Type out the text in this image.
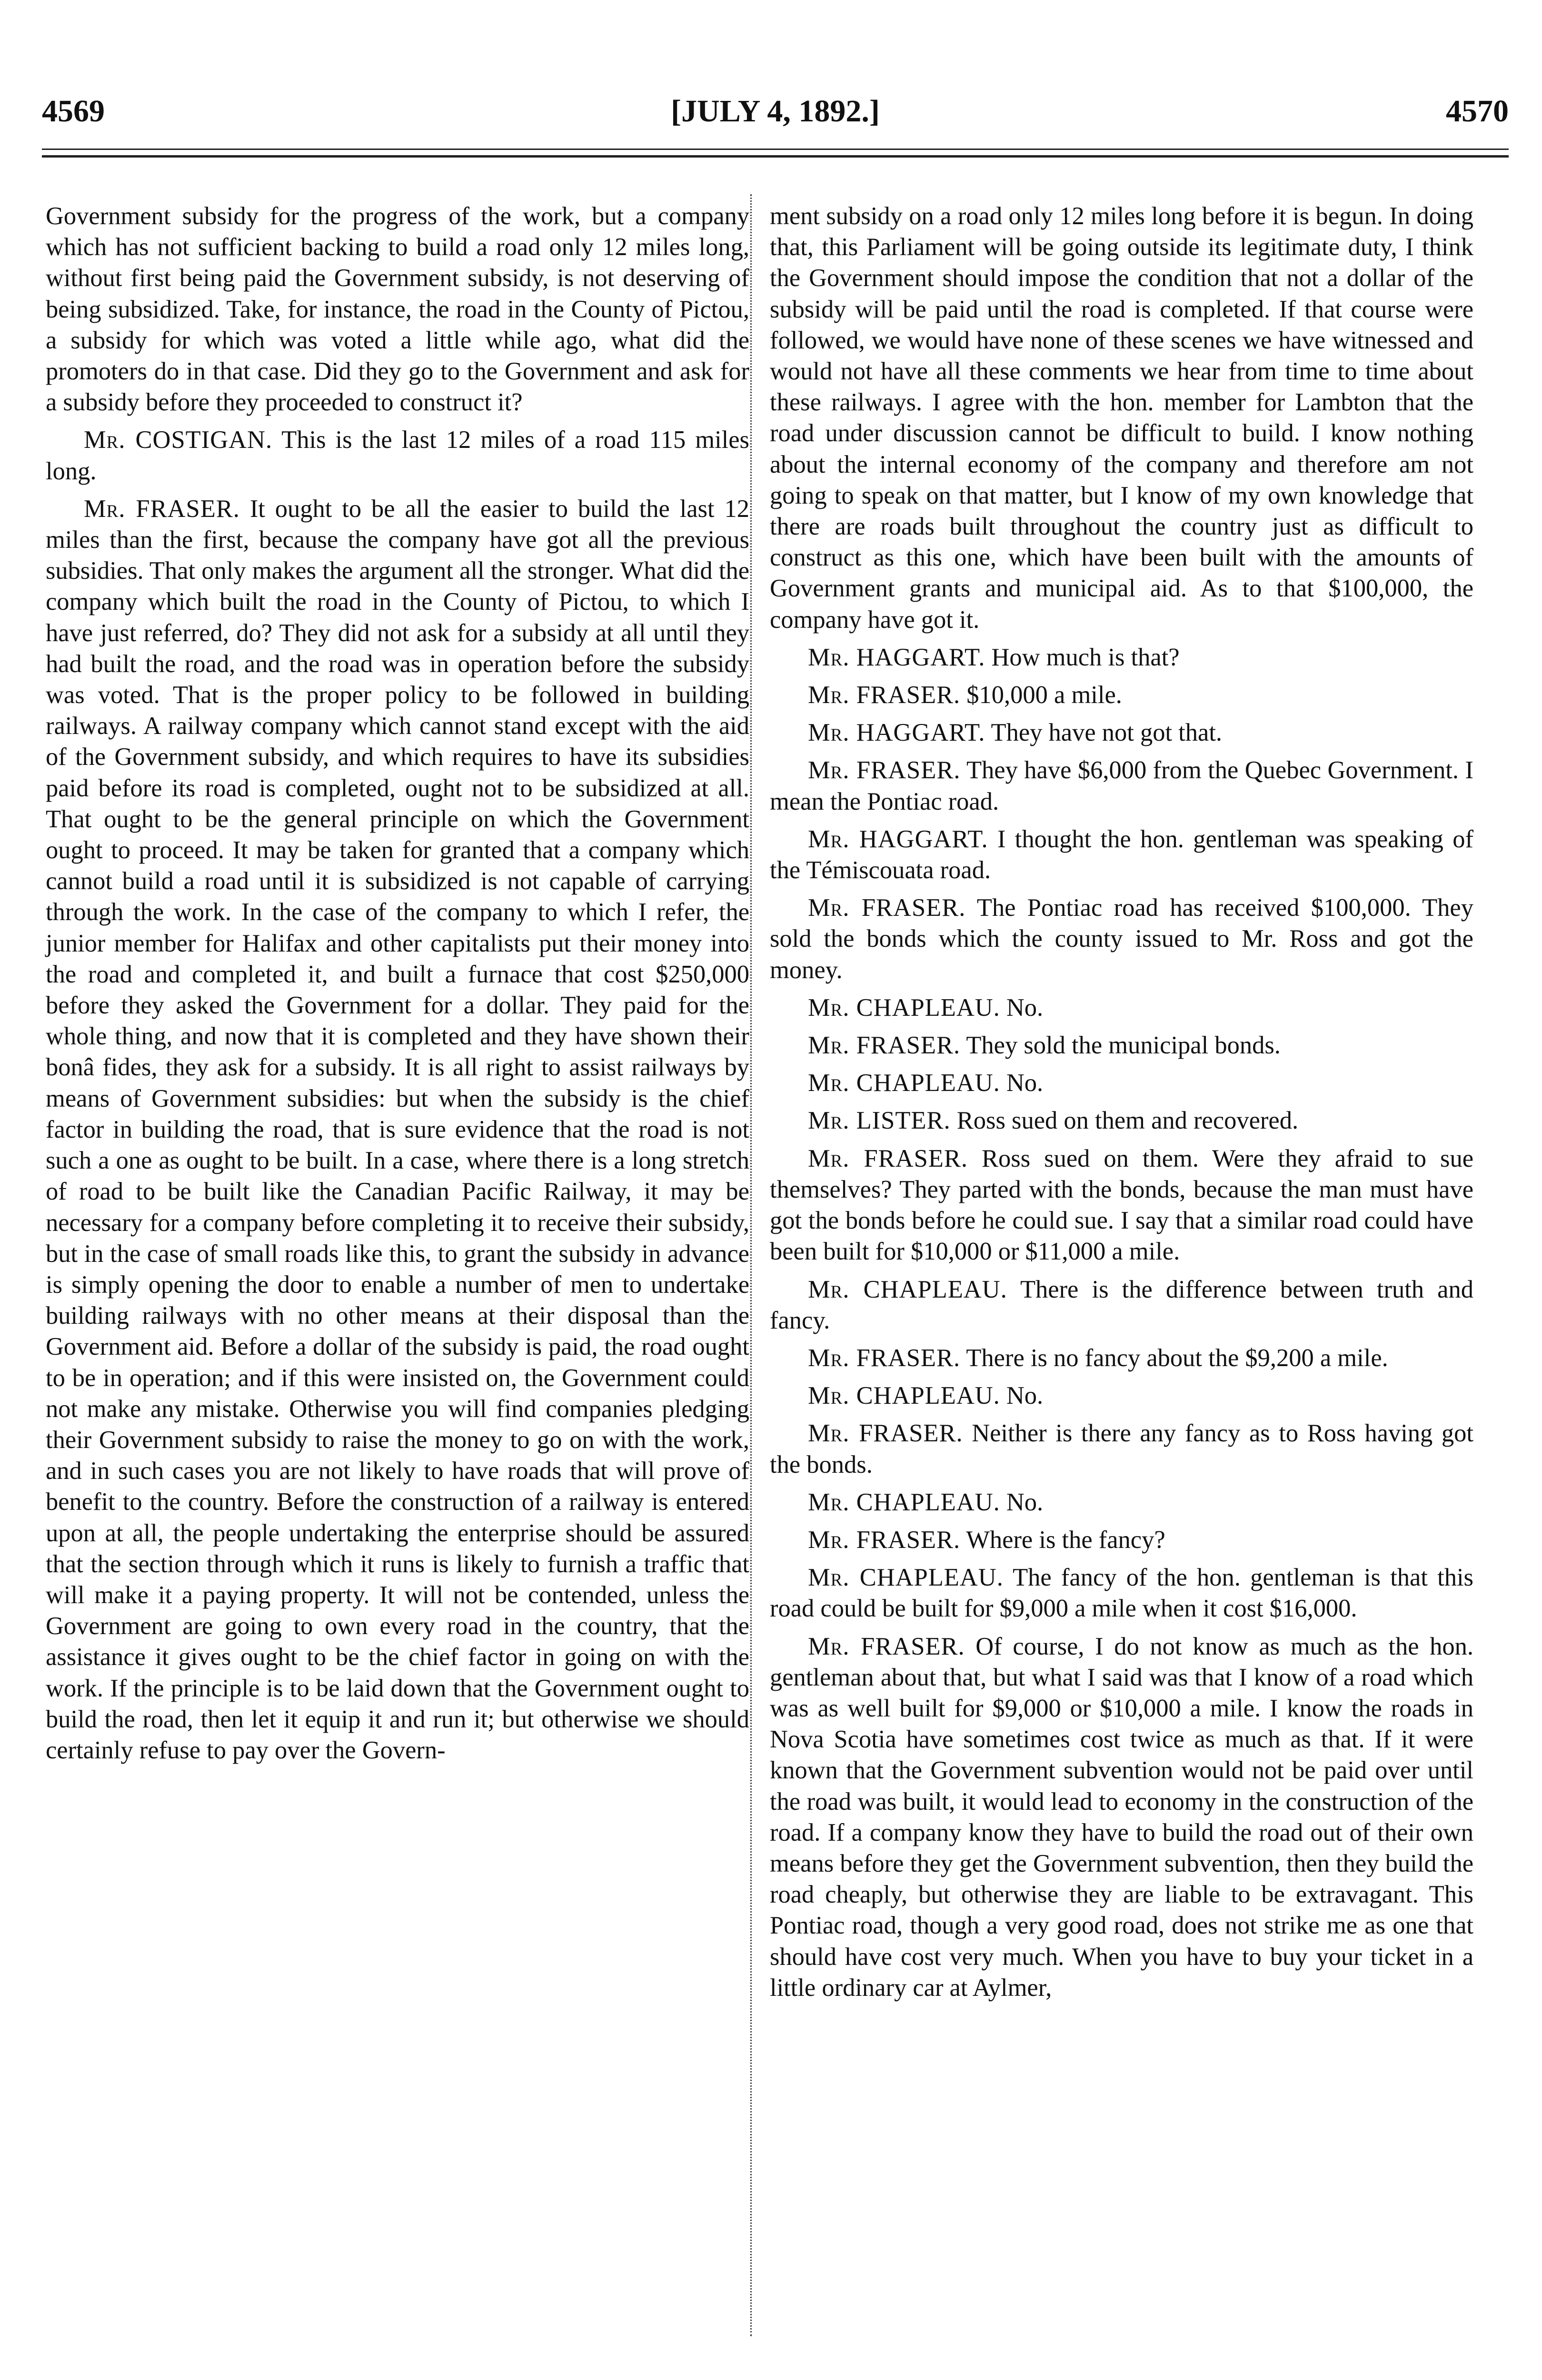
4569	[JULY 4, 1892.]	4570

Government subsidy for the progress of the work, but a company which has not sufficient backing to build a road only 12 miles long, without first being paid the Government subsidy, is not deserving of being subsidized. Take, for instance, the road in the County of Pictou, a subsidy for which was voted a little while ago, what did the promoters do in that case. Did they go to the Government and ask for a subsidy before they proceeded to construct it?

Mr. COSTIGAN. This is the last 12 miles of a road 115 miles long.

Mr. FRASER. It ought to be all the easier to build the last 12 miles than the first, because the company have got all the previous subsidies. That only makes the argument all the stronger. What did the company which built the road in the County of Pictou, to which I have just referred, do? They did not ask for a subsidy at all until they had built the road, and the road was in operation before the subsidy was voted. That is the proper policy to be followed in building railways. A railway company which cannot stand except with the aid of the Government subsidy, and which requires to have its subsidies paid before its road is completed, ought not to be subsidized at all. That ought to be the general principle on which the Government ought to proceed. It may be taken for granted that a company which cannot build a road until it is subsidized is not capable of carrying through the work. In the case of the company to which I refer, the junior member for Halifax and other capitalists put their money into the road and completed it, and built a furnace that cost $250,000 before they asked the Government for a dollar. They paid for the whole thing, and now that it is completed and they have shown their bonâ fides, they ask for a subsidy. It is all right to assist railways by means of Government subsidies: but when the subsidy is the chief factor in building the road, that is sure evidence that the road is not such a one as ought to be built. In a case, where there is a long stretch of road to be built like the Canadian Pacific Railway, it may be necessary for a company before completing it to receive their subsidy, but in the case of small roads like this, to grant the subsidy in advance is simply opening the door to enable a number of men to undertake building railways with no other means at their disposal than the Government aid. Before a dollar of the subsidy is paid, the road ought to be in operation; and if this were insisted on, the Government could not make any mistake. Otherwise you will find companies pledging their Government subsidy to raise the money to go on with the work, and in such cases you are not likely to have roads that will prove of benefit to the country. Before the construction of a railway is entered upon at all, the people undertaking the enterprise should be assured that the section through which it runs is likely to furnish a traffic that will make it a paying property. It will not be contended, unless the Government are going to own every road in the country, that the assistance it gives ought to be the chief factor in going on with the work. If the principle is to be laid down that the Government ought to build the road, then let it equip it and run it; but otherwise we should certainly refuse to pay over the Govern-

ment subsidy on a road only 12 miles long before it is begun. In doing that, this Parliament will be going outside its legitimate duty, I think the Government should impose the condition that not a dollar of the subsidy will be paid until the road is completed. If that course were followed, we would have none of these scenes we have witnessed and would not have all these comments we hear from time to time about these railways. I agree with the hon. member for Lambton that the road under discussion cannot be difficult to build. I know nothing about the internal economy of the company and therefore am not going to speak on that matter, but I know of my own knowledge that there are roads built throughout the country just as difficult to construct as this one, which have been built with the amounts of Government grants and municipal aid. As to that $100,000, the company have got it.

Mr. HAGGART. How much is that?

Mr. FRASER. $10,000 a mile.

Mr. HAGGART. They have not got that.

Mr. FRASER. They have $6,000 from the Quebec Government. I mean the Pontiac road.

Mr. HAGGART. I thought the hon. gentleman was speaking of the Témiscouata road.

Mr. FRASER. The Pontiac road has received $100,000. They sold the bonds which the county issued to Mr. Ross and got the money.

Mr. CHAPLEAU. No.

Mr. FRASER. They sold the municipal bonds.

Mr. CHAPLEAU. No.

Mr. LISTER. Ross sued on them and recovered.

Mr. FRASER. Ross sued on them. Were they afraid to sue themselves? They parted with the bonds, because the man must have got the bonds before he could sue. I say that a similar road could have been built for $10,000 or $11,000 a mile.

Mr. CHAPLEAU. There is the difference between truth and fancy.

Mr. FRASER. There is no fancy about the $9,200 a mile.

Mr. CHAPLEAU. No.

Mr. FRASER. Neither is there any fancy as to Ross having got the bonds.

Mr. CHAPLEAU. No.

Mr. FRASER. Where is the fancy?

Mr. CHAPLEAU. The fancy of the hon. gentleman is that this road could be built for $9,000 a mile when it cost $16,000.

Mr. FRASER. Of course, I do not know as much as the hon. gentleman about that, but what I said was that I know of a road which was as well built for $9,000 or $10,000 a mile. I know the roads in Nova Scotia have sometimes cost twice as much as that. If it were known that the Government subvention would not be paid over until the road was built, it would lead to economy in the construction of the road. If a company know they have to build the road out of their own means before they get the Government subvention, then they build the road cheaply, but otherwise they are liable to be extravagant. This Pontiac road, though a very good road, does not strike me as one that should have cost very much. When you have to buy your ticket in a little ordinary car at Aylmer,
